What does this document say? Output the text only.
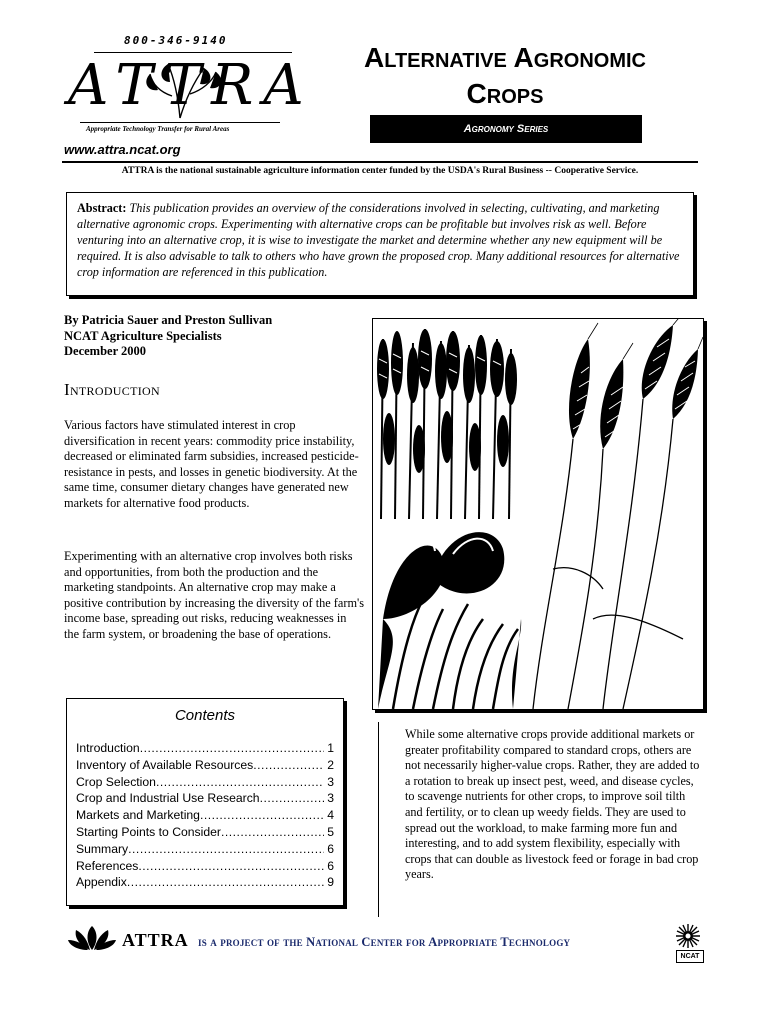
800-346-9140
ATTRA
Appropriate Technology Transfer for Rural Areas
www.attra.ncat.org
Alternative Agronomic
Crops
Agronomy Series
ATTRA is the national sustainable agriculture information center funded by the USDA's Rural Business -- Cooperative Service.
Abstract: This publication provides an overview of the considerations involved in selecting, cultivating, and marketing alternative agronomic crops. Experimenting with alternative crops can be profitable but involves risk as well. Before venturing into an alternative crop, it is wise to investigate the market and determine whether any new equipment will be required. It is also advisable to talk to others who have grown the proposed crop. Many additional resources for alternative crop information are referenced in this publication.
By Patricia Sauer and Preston Sullivan
NCAT Agriculture Specialists
December 2000
Introduction
Various factors have stimulated interest in crop diversification in recent years: commodity price instability, decreased or eliminated farm subsidies, increased pesticide-resistance in pests, and losses in genetic biodiversity. At the same time, consumer dietary changes have generated new markets for alternative food products.
Experimenting with an alternative crop involves both risks and opportunities, from both the production and the marketing standpoints. An alternative crop may make a positive contribution by increasing the diversity of the farm's income base, spreading out risks, reducing weaknesses in the farm system, or broadening the base of operations.
Contents
Introduction .....	1
Inventory of Available Resources .....	2
Crop Selection .....	3
Crop and Industrial Use Research .....	3
Markets and Marketing .....	4
Starting Points to Consider .....	5
Summary .....	6
References .....	6
Appendix .....	9
While some alternative crops provide additional markets or greater profitability compared to standard crops, others are not necessarily higher-value crops. Rather, they are added to a rotation to break up insect pest, weed, and disease cycles, to scavenge nutrients for other crops, to improve soil tilth and fertility, or to clean up weedy fields. They are used to spread out the workload, to make farming more fun and interesting, and to add system flexibility, especially with crops that can double as livestock feed or forage in bad crop years.
ATTRA is a project of the National Center for Appropriate Technology
NCAT
